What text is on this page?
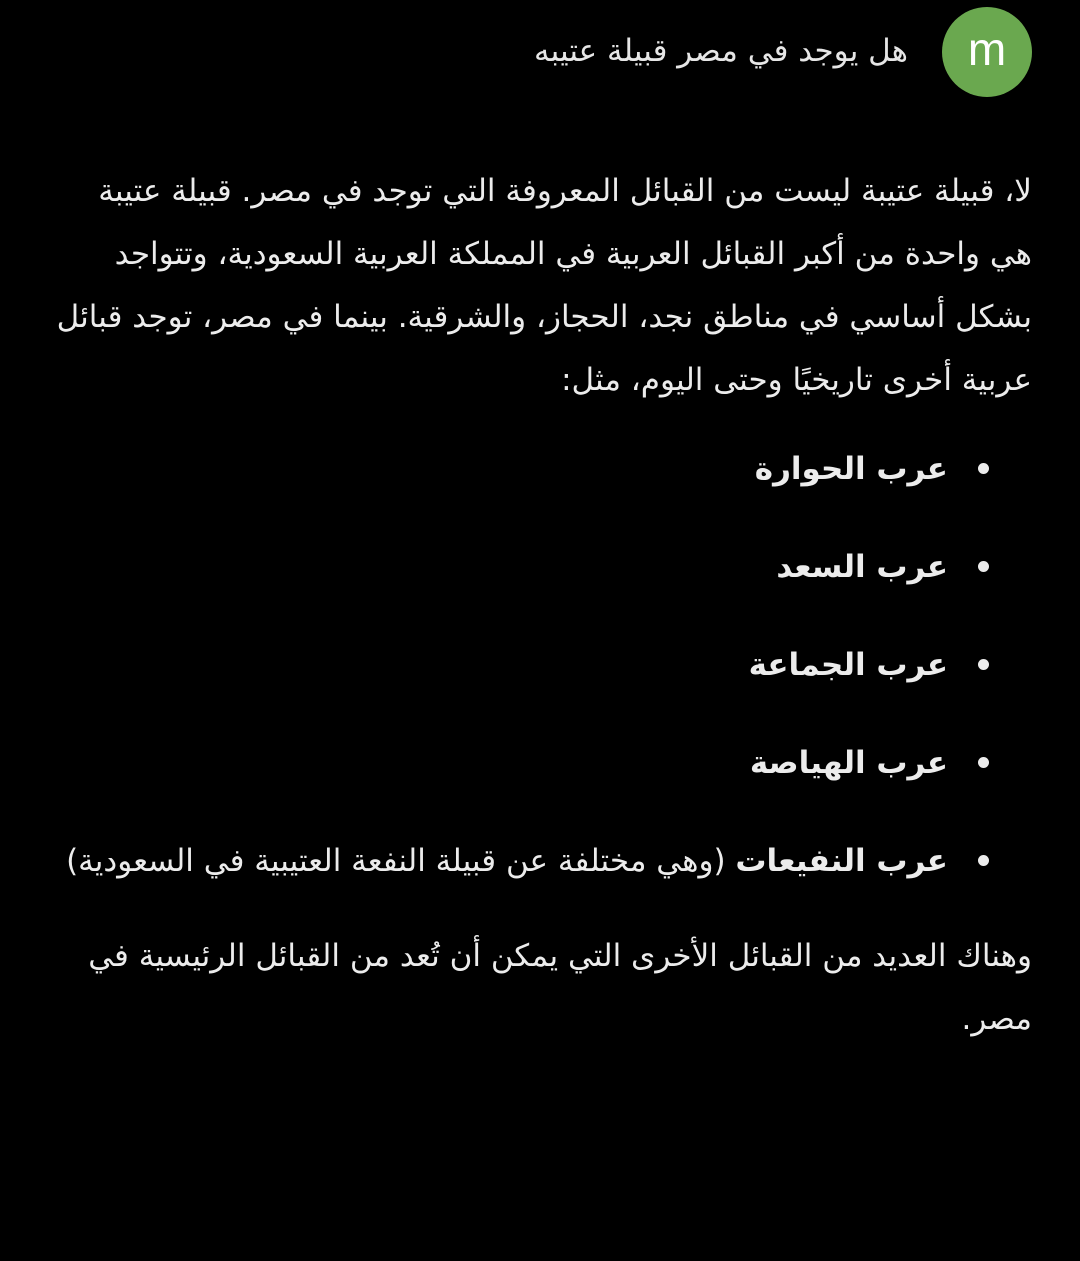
m
هل يوجد في مصر قبيلة عتيبه

لا، قبيلة عتيبة ليست من القبائل المعروفة التي توجد في مصر. قبيلة عتيبة هي واحدة من أكبر القبائل العربية في المملكة العربية السعودية، وتتواجد بشكل أساسي في مناطق نجد، الحجاز، والشرقية. بينما في مصر، توجد قبائل عربية أخرى تاريخيًا وحتى اليوم، مثل:

عرب الحوارة
عرب السعد
عرب الجماعة
عرب الهياصة
عرب النفيعات (وهي مختلفة عن قبيلة النفعة العتيبية في السعودية)

وهناك العديد من القبائل الأخرى التي يمكن أن تُعد من القبائل الرئيسية في مصر.
